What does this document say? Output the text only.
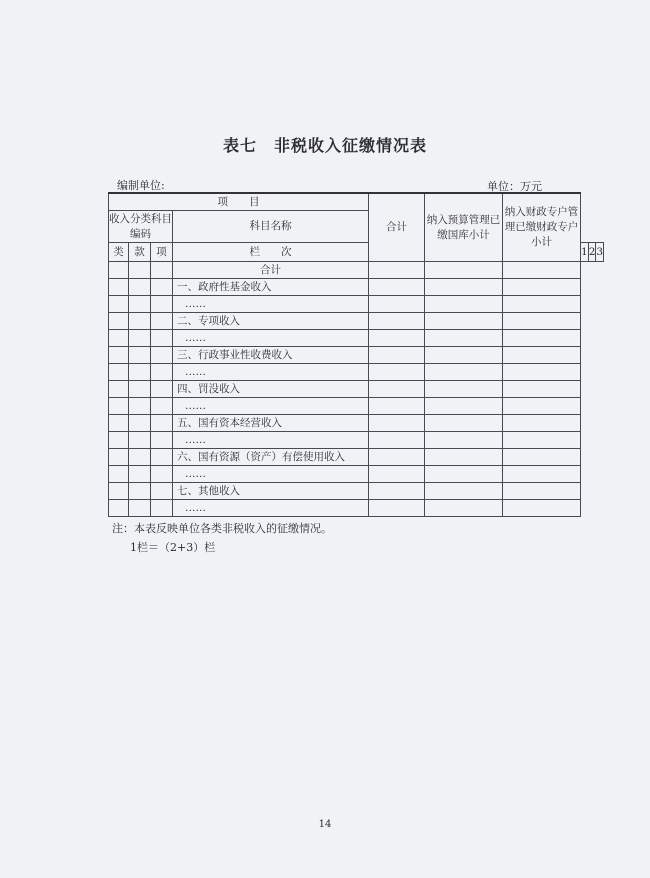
表七　非税收入征缴情况表
编制单位:	单位：万元
项　　目				合计	纳入预算管理已缴国库小计	纳入财政专户管理已缴财政专户小计			
收入分类科目编码			科目名称						
类	款	项	栏　　次				1	2	3
			合计						
			一、政府性基金收入						
			……						
			二、专项收入						
			……						
			三、行政事业性收费收入						
			……						
			四、罚没收入						
			……						
			五、国有资本经营收入						
			……						
			六、国有资源（资产）有偿使用收入						
			……						
			七、其他收入						
			……						
注：本表反映单位各类非税收入的征缴情况。
1栏＝（2+3）栏
14
